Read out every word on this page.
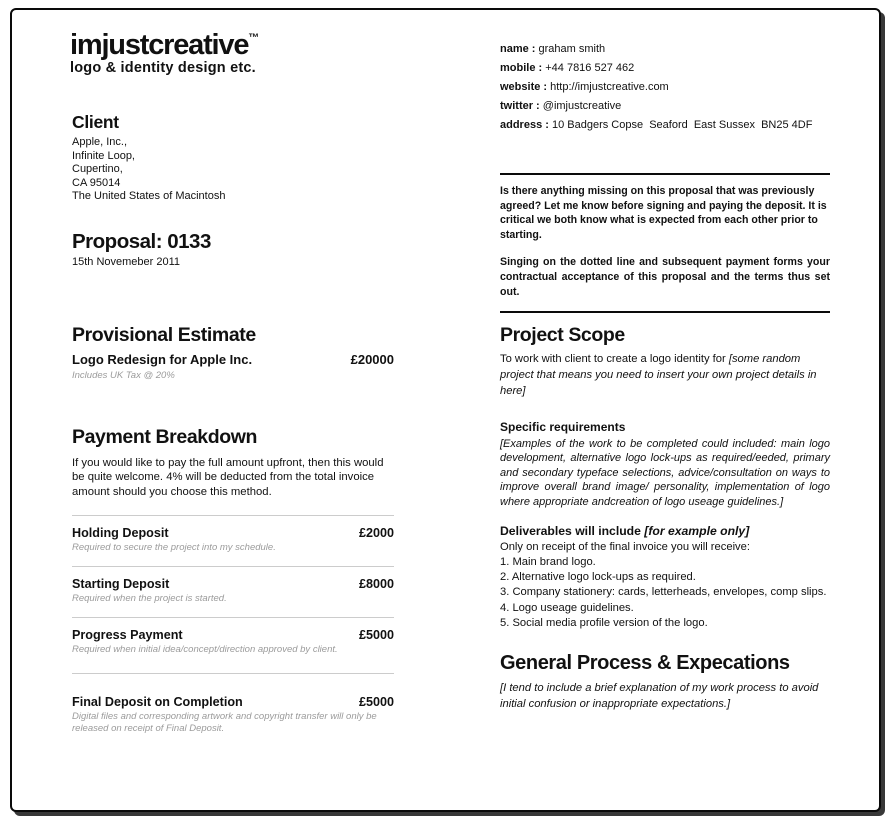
imjustcreative™
logo & identity design etc.
name : graham smith
mobile : +44 7816 527 462
website : http://imjustcreative.com
twitter : @imjustcreative
address : 10 Badgers Copse  Seaford  East Sussex  BN25 4DF
Client
Apple, Inc.,
Infinite Loop,
Cupertino,
CA 95014
The United States of Macintosh
Proposal: 0133
15th Novemeber 2011
Is there anything missing on this proposal that was previously agreed? Let me know before signing and paying the deposit. It is critical we both know what is expected from each other prior to starting.
Singing on the dotted line and subsequent payment forms your contractual acceptance of this proposal and the terms thus set out.
Provisional Estimate
Logo Redesign for Apple Inc.	£20000
Includes UK Tax @ 20%
Payment Breakdown
If you would like to pay the full amount upfront, then this would be quite welcome. 4% will be deducted from the total invoice amount should you choose this method.
Holding Deposit	£2000
Required to secure the project into my schedule.
Starting Deposit	£8000
Required when the project is started.
Progress Payment	£5000
Required when initial idea/concept/direction approved by client.
Final Deposit on Completion	£5000
Digital files and corresponding artwork and copyright transfer will only be released on receipt of Final Deposit.
Project Scope
To work with client to create a logo identity for [some random project that means you need to insert your own project details in here]
Specific requirements
[Examples of the work to be completed could included: main logo development, alternative logo lock-ups as required/eeded, primary and secondary typeface selections, advice/consultation on ways to improve overall brand image/ personality, implementation of logo where appropriate andcreation of logo useage guidelines.]
Deliverables will include [for example only]
Only on receipt of the final invoice you will receive:
1. Main brand logo.
2. Alternative logo lock-ups as required.
3. Company stationery: cards, letterheads, envelopes, comp slips.
4. Logo useage guidelines.
5. Social media profile version of the logo.
General Process & Expecations
[I tend to include a brief explanation of my work process to avoid initial confusion or inappropriate expectations.]
